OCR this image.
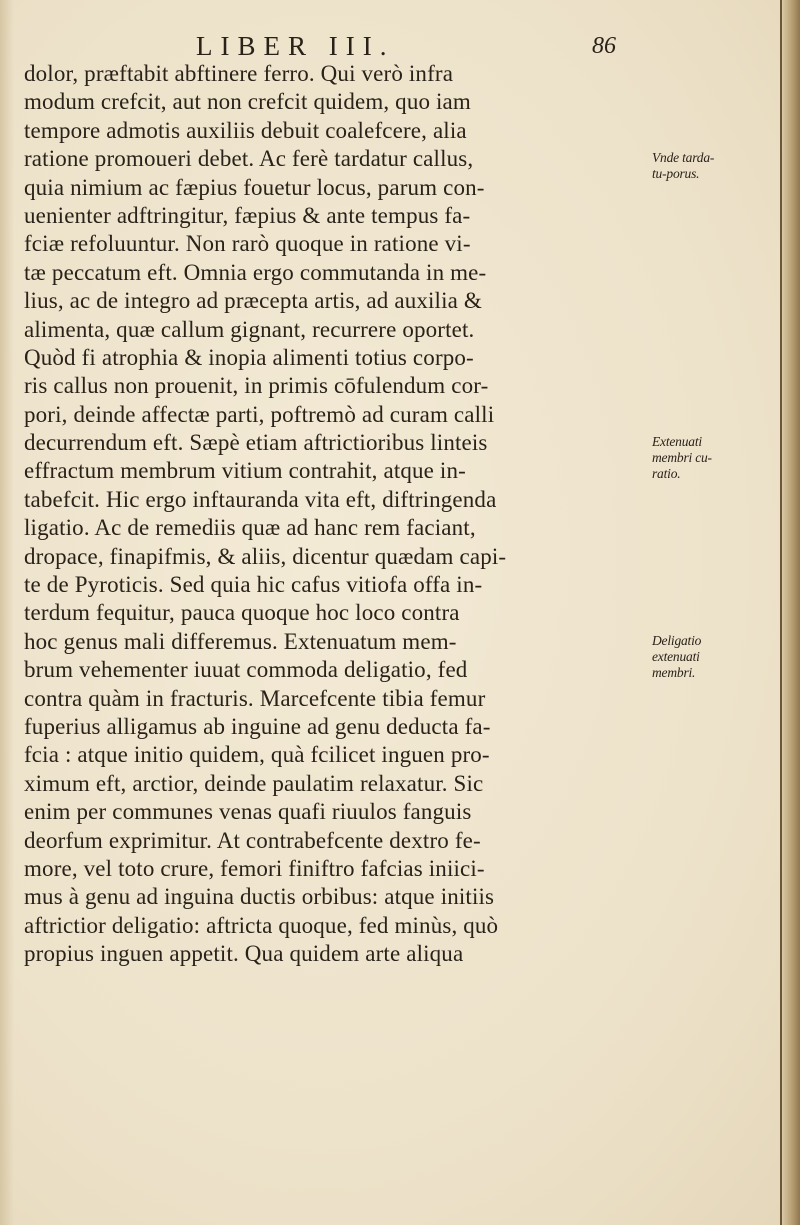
LIBER III.	86
dolor, præftabit abftinere ferro. Qui verò infra
modum crefcit, aut non crefcit quidem, quo iam
tempore admotis auxiliis debuit coalefcere, alia
ratione promoueri debet. Ac ferè tardatur callus,
quia nimium ac fæpius fouetur locus, parum con-
uenienter adftringitur, fæpius & ante tempus fa-
fciæ refoluuntur. Non rarò quoque in ratione vi-
tæ peccatum eft. Omnia ergo commutanda in me-
lius, ac de integro ad præcepta artis, ad auxilia &
alimenta, quæ callum gignant, recurrere oportet.
Quòd fi atrophia & inopia alimenti totius corpo-
ris callus non prouenit, in primis cōfulendum cor-
pori, deinde affectæ parti, poftremò ad curam calli
decurrendum eft. Sæpè etiam aftrictioribus linteis
effractum membrum vitium contrahit, atque in-
tabefcit. Hic ergo inftauranda vita eft, diftringenda
ligatio. Ac de remediis quæ ad hanc rem faciant,
dropace, finapifmis, & aliis, dicentur quædam capi-
te de Pyroticis. Sed quia hic cafus vitiofa offa in-
terdum fequitur, pauca quoque hoc loco contra
hoc genus mali differemus. Extenuatum mem-
brum vehementer iuuat commoda deligatio, fed
contra quàm in fracturis. Marcefcente tibia femur
fuperius alligamus ab inguine ad genu deducta fa-
fcia : atque initio quidem, quà fcilicet inguen pro-
ximum eft, arctior, deinde paulatim relaxatur. Sic
enim per communes venas quafi riuulos fanguis
deorfum exprimitur. At contrabefcente dextro fe-
more, vel toto crure, femori finiftro fafcias iniici-
mus à genu ad inguina ductis orbibus: atque initiis
aftrictior deligatio: aftricta quoque, fed minùs, quò
propius inguen appetit. Qua quidem arte aliqua
Vnde tarda-
tu-porus.
Extenuati
membri cu-
ratio.
Deligatio
extenuati
membri.
